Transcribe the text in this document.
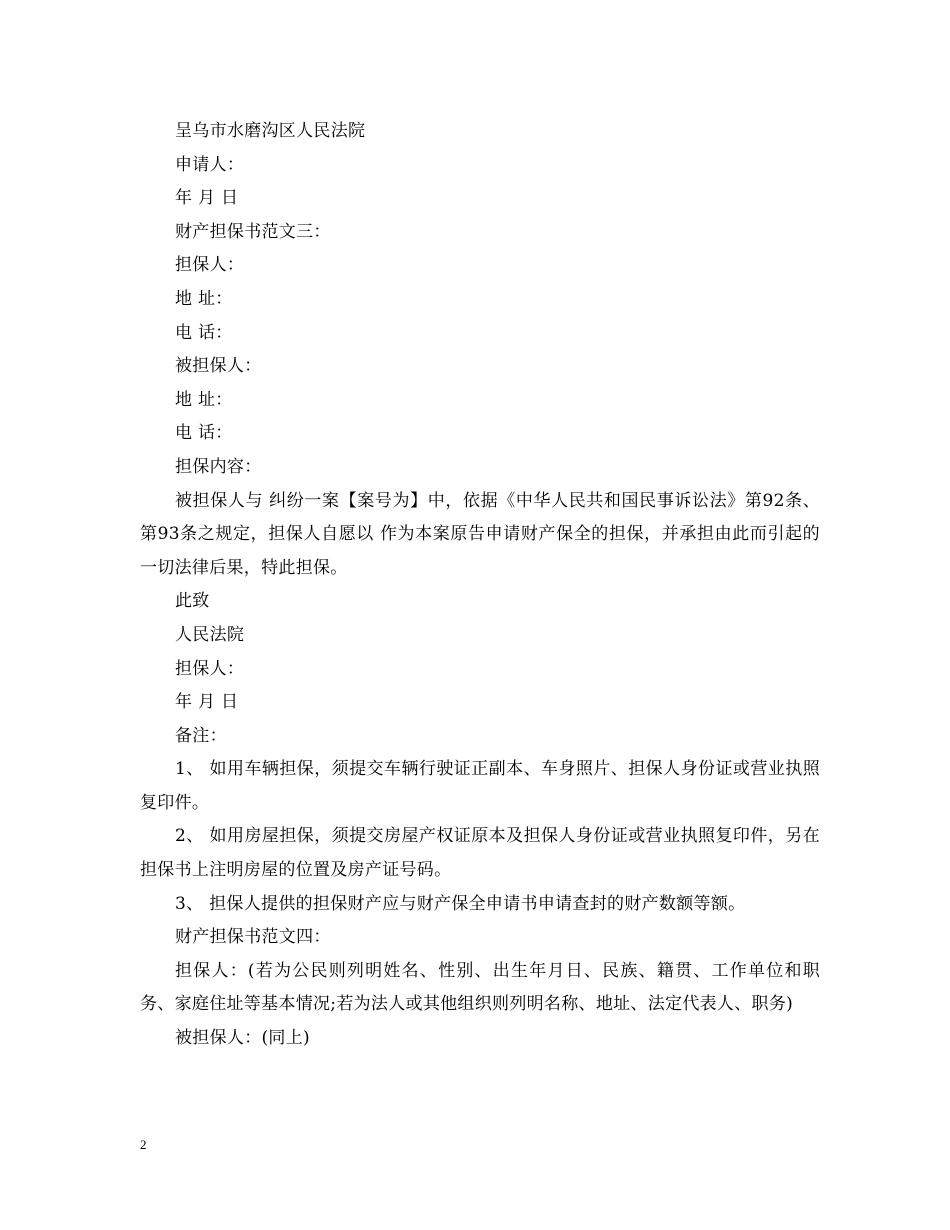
呈乌市水磨沟区人民法院

申请人：

年 月 日

财产担保书范文三：

担保人：

地 址：

电 话：

被担保人：

地 址：

电 话：

担保内容：

被担保人与 纠纷一案【案号为】中，依据《中华人民共和国民事诉讼法》第92条、第93条之规定，担保人自愿以 作为本案原告申请财产保全的担保，并承担由此而引起的一切法律后果，特此担保。

此致

人民法院

担保人：

年 月 日

备注：

1、 如用车辆担保，须提交车辆行驶证正副本、车身照片、担保人身份证或营业执照复印件。

2、 如用房屋担保，须提交房屋产权证原本及担保人身份证或营业执照复印件，另在担保书上注明房屋的位置及房产证号码。

3、 担保人提供的担保财产应与财产保全申请书申请查封的财产数额等额。

财产担保书范文四：

担保人：(若为公民则列明姓名、性别、出生年月日、民族、籍贯、工作单位和职务、家庭住址等基本情况;若为法人或其他组织则列明名称、地址、法定代表人、职务)

被担保人：(同上)

2
